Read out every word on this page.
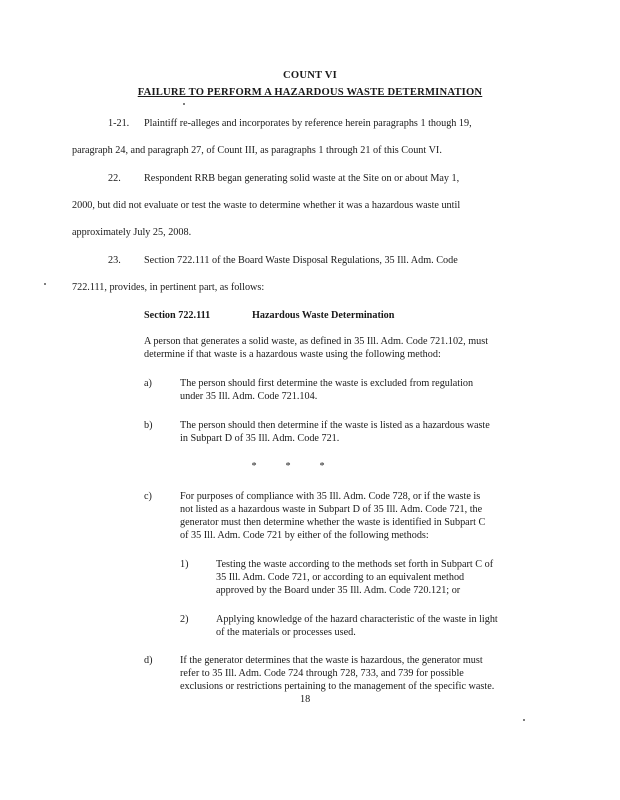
COUNT VI
FAILURE TO PERFORM A HAZARDOUS WASTE DETERMINATION
1-21. Plaintiff re-alleges and incorporates by reference herein paragraphs 1 though 19,
paragraph 24, and paragraph 27, of Count III, as paragraphs 1 through 21 of this Count VI.
22. Respondent RRB began generating solid waste at the Site on or about May 1,
2000, but did not evaluate or test the waste to determine whether it was a hazardous waste until
approximately July 25, 2008.
23. Section 722.111 of the Board Waste Disposal Regulations, 35 Ill. Adm. Code
722.111, provides, in pertinent part, as follows:
Section 722.111	Hazardous Waste Determination
A person that generates a solid waste, as defined in 35 Ill. Adm. Code 721.102, must
determine if that waste is a hazardous waste using the following method:
a)	The person should first determine the waste is excluded from regulation
under 35 Ill. Adm. Code 721.104.
b)	The person should then determine if the waste is listed as a hazardous waste
in Subpart D of 35 Ill. Adm. Code 721.
*	*	*
c)	For purposes of compliance with 35 Ill. Adm. Code 728, or if the waste is
not listed as a hazardous waste in Subpart D of 35 Ill. Adm. Code 721, the
generator must then determine whether the waste is identified in Subpart C
of 35 Ill. Adm. Code 721 by either of the following methods:
1)	Testing the waste according to the methods set forth in Subpart C of
35 Ill. Adm. Code 721, or according to an equivalent method
approved by the Board under 35 Ill. Adm. Code 720.121; or
2)	Applying knowledge of the hazard characteristic of the waste in light
of the materials or processes used.
d)	If the generator determines that the waste is hazardous, the generator must
refer to 35 Ill. Adm. Code 724 through 728, 733, and 739 for possible
exclusions or restrictions pertaining to the management of the specific waste.
18
